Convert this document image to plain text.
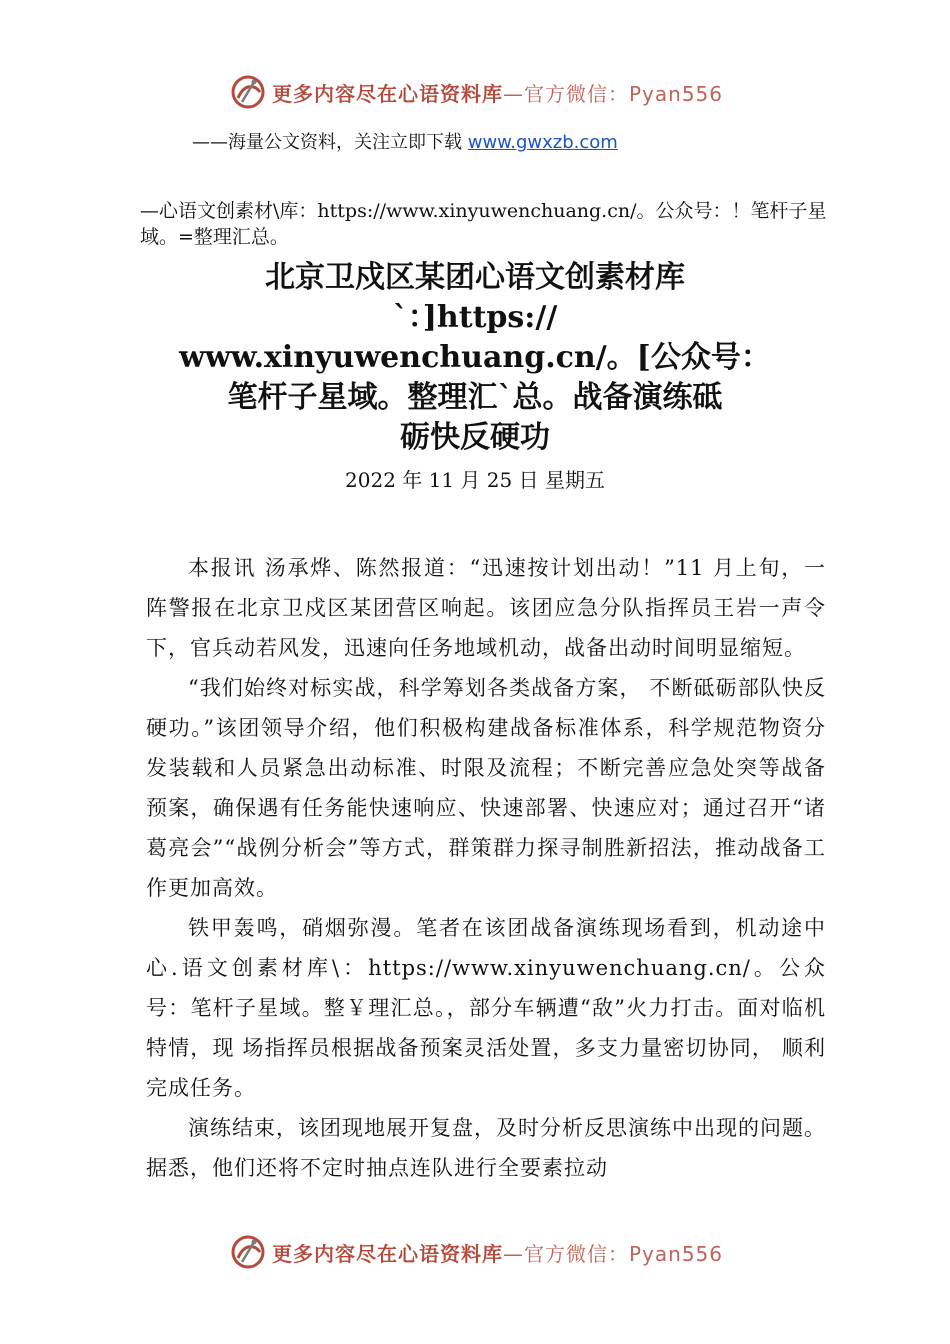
更多内容尽在心语资料库—官方微信：Pyan556
——海量公文资料，关注立即下载 www.gwxzb.com

—心语文创素材\库：https://www.xinyuwenchuang.cn/。公众号：！笔杆子星域。=整理汇总。

北京卫戍区某团心语文创素材库
`：]https://
www.xinyuwenchuang.cn/。[公众号：
笔杆子星域。整理汇`总。战备演练砥
砺快反硬功

2022 年 11 月 25 日 星期五

本报讯 汤承烨、陈然报道：“迅速按计划出动！”11 月上旬，一阵警报在北京卫戍区某团营区响起。该团应急分队指挥员王岩一声令下，官兵动若风发，迅速向任务地域机动，战备出动时间明显缩短。

“我们始终对标实战，科学筹划各类战备方案， 不断砥砺部队快反硬功。”该团领导介绍，他们积极构建战备标准体系，科学规范物资分发装载和人员紧急出动标准、时限及流程；不断完善应急处突等战备预案，确保遇有任务能快速响应、快速部署、快速应对；通过召开“诸葛亮会”“战例分析会”等方式，群策群力探寻制胜新招法，推动战备工作更加高效。

铁甲轰鸣，硝烟弥漫。笔者在该团战备演练现场看到，机动途中心.语文创素材库\：https://www.xinyuwenchuang.cn/。公众号：笔杆子星域。整￥理汇总。，部分车辆遭“敌”火力打击。面对临机特情，现 场指挥员根据战备预案灵活处置，多支力量密切协同， 顺利完成任务。

演练结束，该团现地展开复盘，及时分析反思演练中出现的问题。据悉，他们还将不定时抽点连队进行全要素拉动

更多内容尽在心语资料库—官方微信：Pyan556
